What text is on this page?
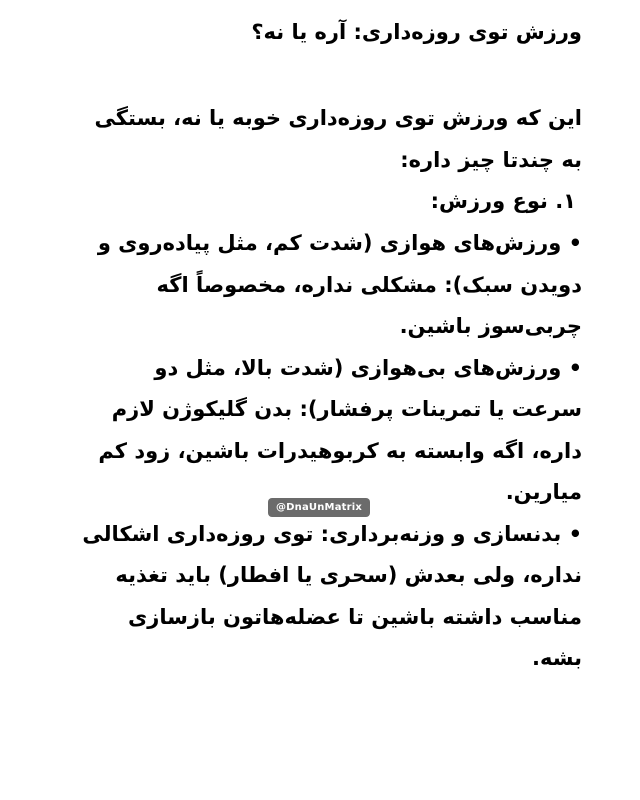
ورزش توی روزه‌داری: آره یا نه؟
این که ورزش توی روزه‌داری خوبه یا نه، بستگی
به چندتا چیز داره:
۱. نوع ورزش:
• ورزش‌های هوازی (شدت کم، مثل پیاده‌روی و
دویدن سبک): مشکلی نداره، مخصوصاً اگه
چربی‌سوز باشین.
• ورزش‌های بی‌هوازی (شدت بالا، مثل دو
سرعت یا تمرینات پرفشار): بدن گلیکوژن لازم
داره، اگه وابسته به کربوهیدرات باشین، زود کم
میارین.
• بدنسازی و وزنه‌برداری: توی روزه‌داری اشکالی
نداره، ولی بعدش (سحری یا افطار) باید تغذیه
مناسب داشته باشین تا عضله‌هاتون بازسازی
بشه.
@DnaUnMatrix
